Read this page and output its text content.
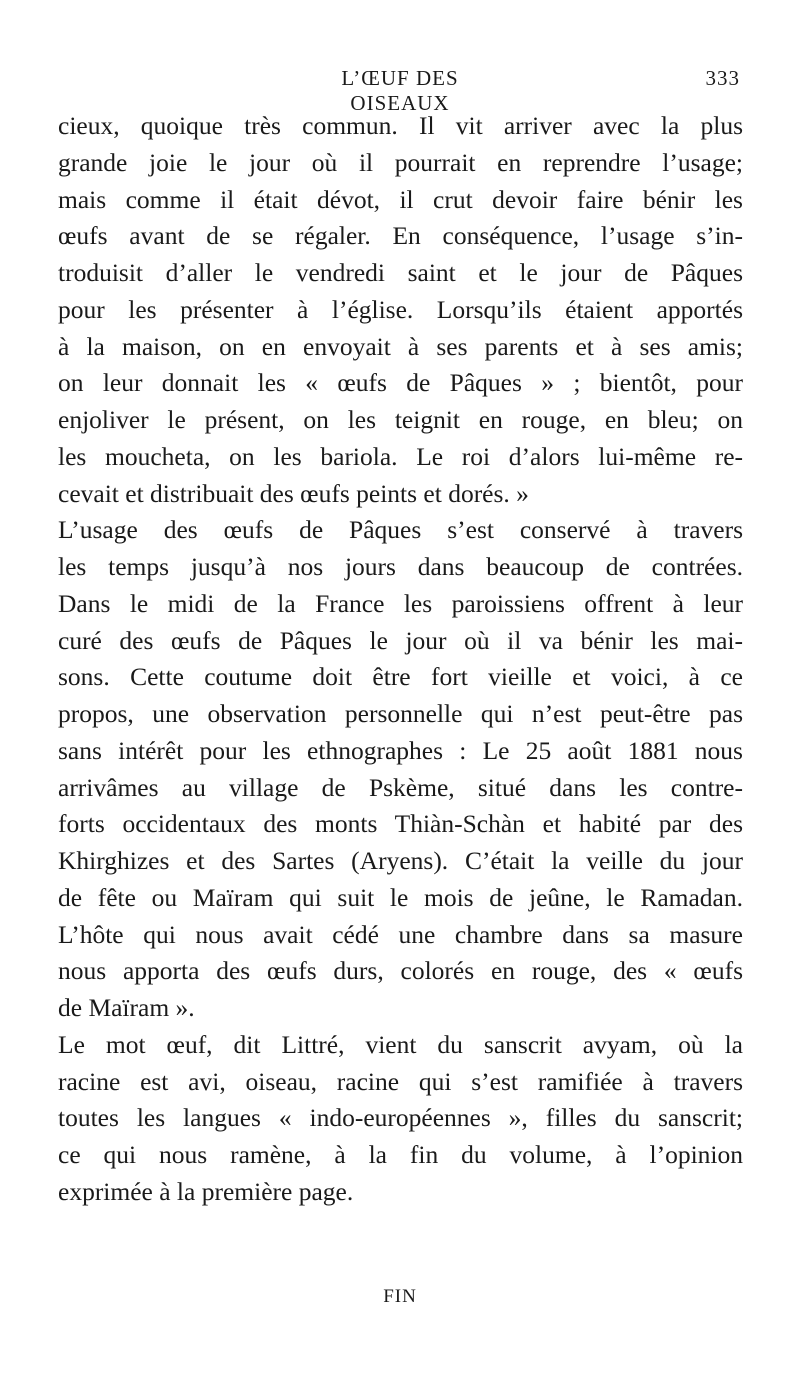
L’ŒUF DES OISEAUX
333
cieux, quoique très commun. Il vit arriver avec la plus
grande joie le jour où il pourrait en reprendre l’usage;
mais comme il était dévot, il crut devoir faire bénir les
œufs avant de se régaler. En conséquence, l’usage s’in-
troduisit d’aller le vendredi saint et le jour de Pâques
pour les présenter à l’église. Lorsqu’ils étaient apportés
à la maison, on en envoyait à ses parents et à ses amis;
on leur donnait les « œufs de Pâques » ; bientôt, pour
enjoliver le présent, on les teignit en rouge, en bleu; on
les moucheta, on les bariola. Le roi d’alors lui-même re-
cevait et distribuait des œufs peints et dorés. »
L’usage des œufs de Pâques s’est conservé à travers
les temps jusqu’à nos jours dans beaucoup de contrées.
Dans le midi de la France les paroissiens offrent à leur
curé des œufs de Pâques le jour où il va bénir les mai-
sons. Cette coutume doit être fort vieille et voici, à ce
propos, une observation personnelle qui n’est peut-être pas
sans intérêt pour les ethnographes : Le 25 août 1881 nous
arrivâmes au village de Pskème, situé dans les contre-
forts occidentaux des monts Thiàn-Schàn et habité par des
Khirghizes et des Sartes (Aryens). C’était la veille du jour
de fête ou Maïram qui suit le mois de jeûne, le Ramadan.
L’hôte qui nous avait cédé une chambre dans sa masure
nous apporta des œufs durs, colorés en rouge, des « œufs
de Maïram ».
Le mot œuf, dit Littré, vient du sanscrit avyam, où la
racine est avi, oiseau, racine qui s’est ramifiée à travers
toutes les langues « indo-européennes », filles du sanscrit;
ce qui nous ramène, à la fin du volume, à l’opinion
exprimée à la première page.
FIN
